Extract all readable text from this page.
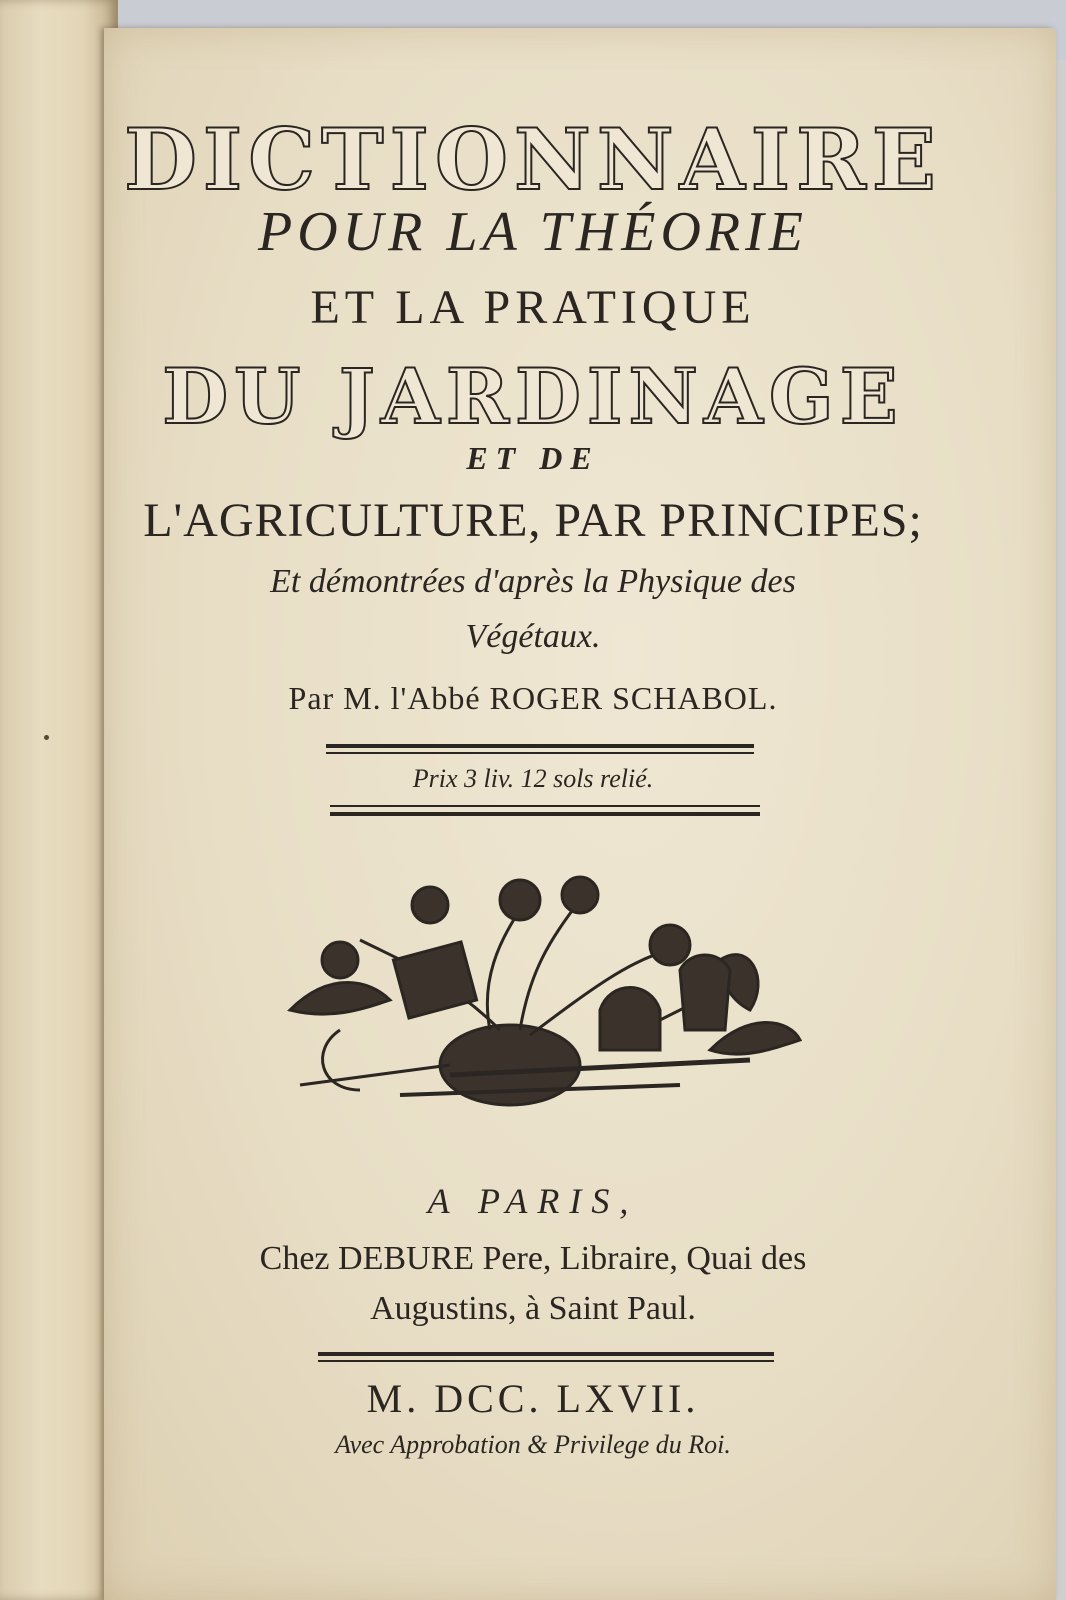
DICTIONNAIRE
POUR LA THÉORIE
ET LA PRATIQUE
DU JARDINAGE
ET DE
L'AGRICULTURE, PAR PRINCIPES;
Et démontrées d'après la Physique des
Végétaux.
Par M. l'Abbé ROGER SCHABOL.
Prix 3 liv. 12 sols relié.
A PARIS,
Chez DEBURE Pere, Libraire, Quai des
Augustins, à Saint Paul.
M. DCC. LXVII.
Avec Approbation & Privilege du Roi.
